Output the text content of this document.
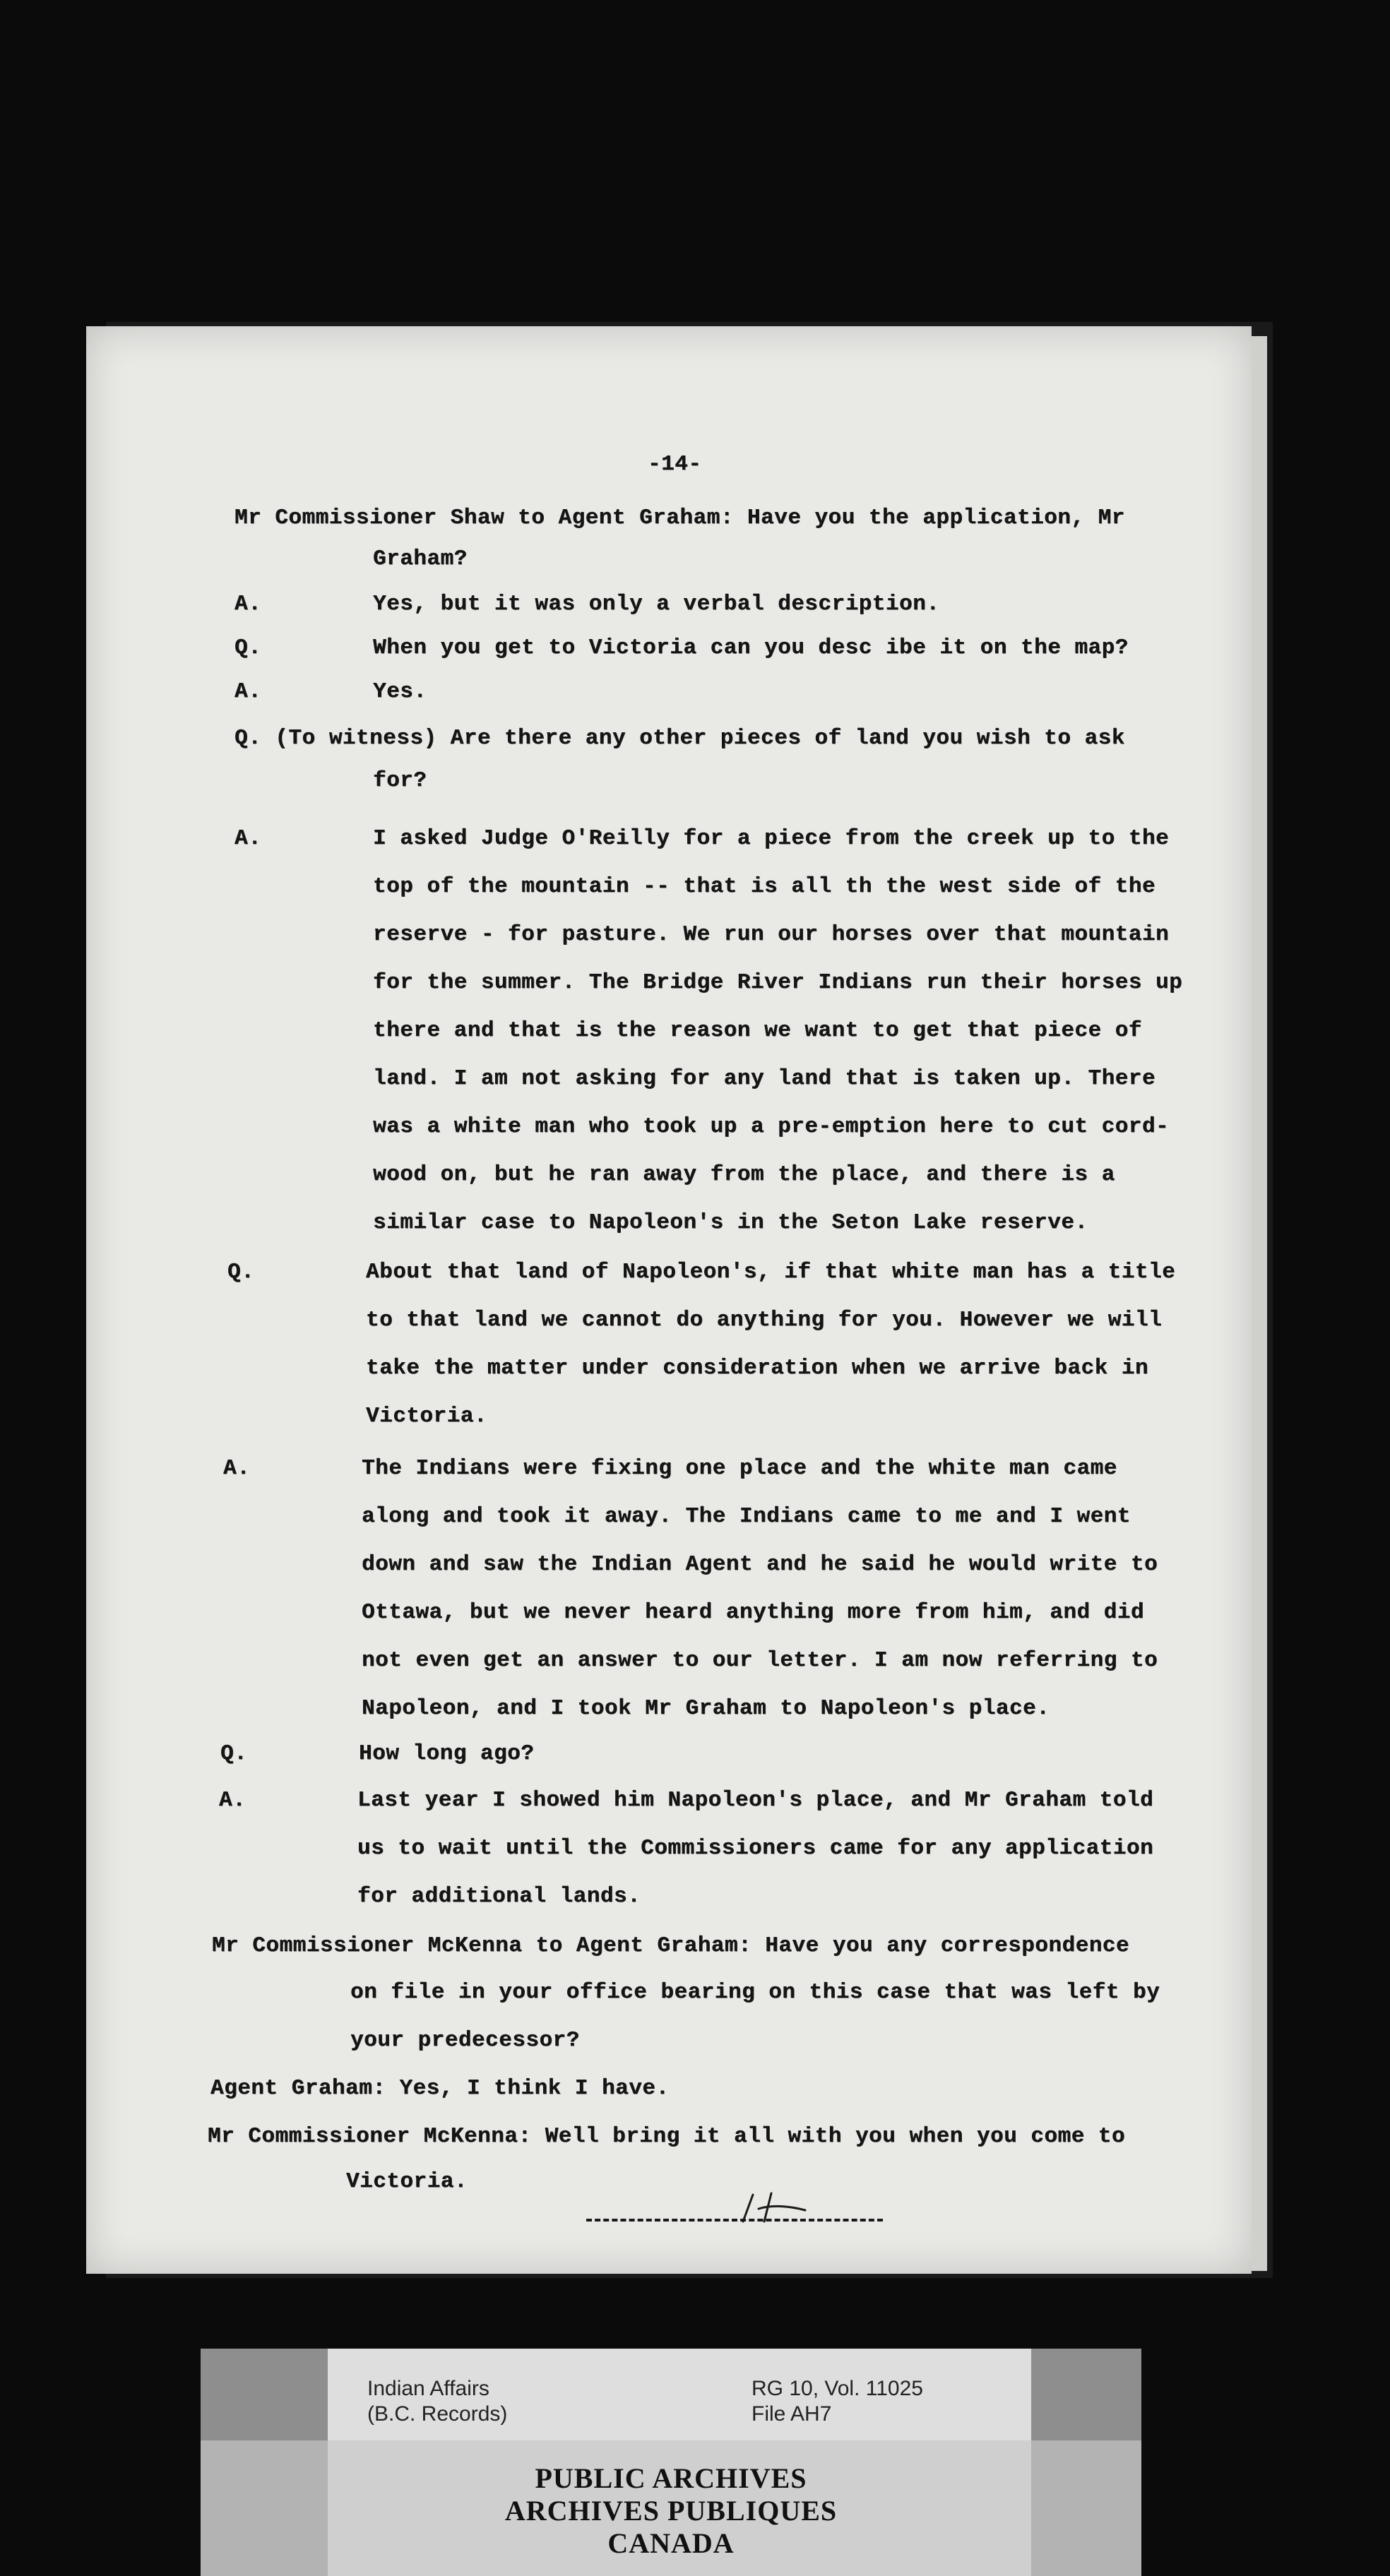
-14-
Mr Commissioner Shaw to Agent Graham: Have you the application, Mr
Graham?
A.	Yes, but it was only a verbal description.
Q.	When you get to Victoria can you desc ibe it on the map?
A.	Yes.
Q. (To witness) Are there any other pieces of land you wish to ask
for?
A.	I asked Judge O'Reilly for a piece from the creek up to the
top of the mountain -- that is all th the west side of the
reserve - for pasture. We run our horses over that mountain
for the summer. The Bridge River Indians run their horses up
there and that is the reason we want to get that piece of
land. I am not asking for any land that is taken up. There
was a white man who took up a pre-emption here to cut cord-
wood on, but he ran away from the place, and there is a
similar case to Napoleon's in the Seton Lake reserve.
Q.	About that land of Napoleon's, if that white man has a title
to that land we cannot do anything for you. However we will
take the matter under consideration when we arrive back in
Victoria.
A.	The Indians were fixing one place and the white man came
along and took it away. The Indians came to me and I went
down and saw the Indian Agent and he said he would write to
Ottawa, but we never heard anything more from him, and did
not even get an answer to our letter. I am now referring to
Napoleon, and I took Mr Graham to Napoleon's place.
Q.	How long ago?
A.	Last year I showed him Napoleon's place, and Mr Graham told
us to wait until the Commissioners came for any application
for additional lands.
Mr Commissioner McKenna to Agent Graham: Have you any correspondence
on file in your office bearing on this case that was left by
your predecessor?
Agent Graham: Yes, I think I have.
Mr Commissioner McKenna: Well bring it all with you when you come to
Victoria.
Indian Affairs
(B.C. Records)
RG 10, Vol. 11025
File AH7
PUBLIC ARCHIVES
ARCHIVES PUBLIQUES
CANADA
